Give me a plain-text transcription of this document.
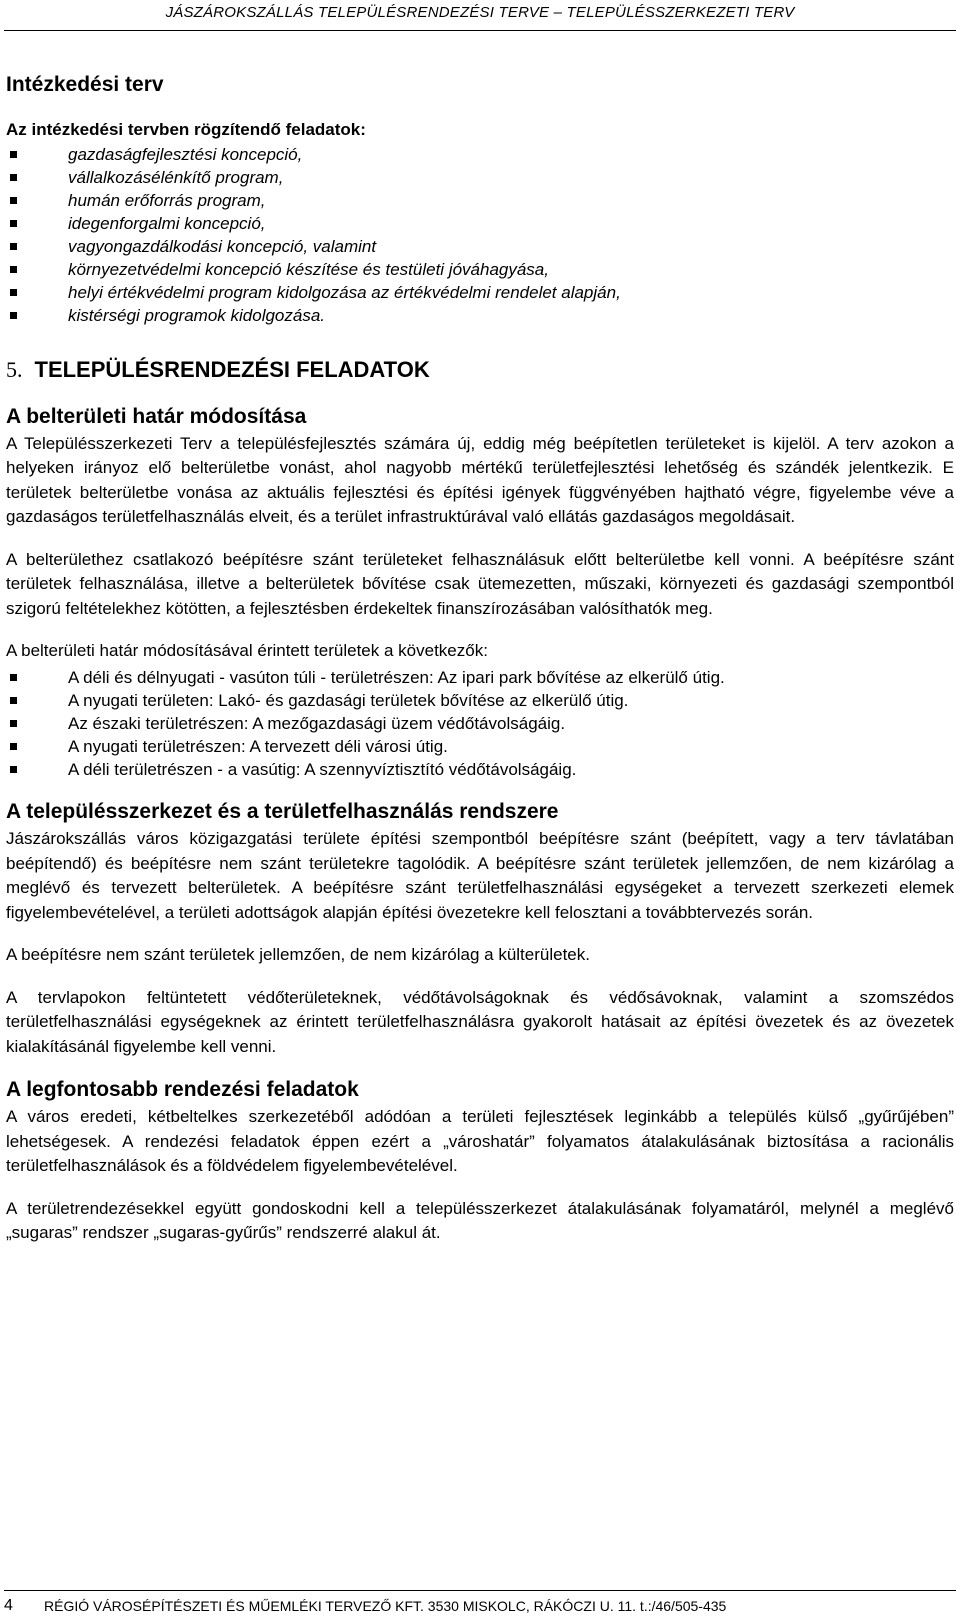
JÁSZÁROKSZÁLLÁS TELEPÜLÉSRENDEZÉSI TERVE – TELEPÜLÉSSZERKEZETI TERV
Intézkedési terv
Az intézkedési tervben rögzítendő feladatok:
gazdaságfejlesztési koncepció,
vállalkozásélénkítő program,
humán erőforrás program,
idegenforgalmi koncepció,
vagyongazdálkodási koncepció, valamint
környezetvédelmi koncepció készítése és testületi jóváhagyása,
helyi értékvédelmi program kidolgozása az értékvédelmi rendelet alapján,
kistérségi programok kidolgozása.
5. TELEPÜLÉSRENDEZÉSI FELADATOK
A belterületi határ módosítása

A Településszerkezeti Terv a településfejlesztés számára új, eddig még beépítetlen területeket is kijelöl. A terv azokon a helyeken irányoz elő belterületbe vonást, ahol nagyobb mértékű területfejlesztési lehetőség és szándék jelentkezik. E területek belterületbe vonása az aktuális fejlesztési és építési igények függvényében hajtható végre, figyelembe véve a gazdaságos területfelhasználás elveit, és a terület infrastruktúrával való ellátás gazdaságos megoldásait.

A belterülethez csatlakozó beépítésre szánt területeket felhasználásuk előtt belterületbe kell vonni. A beépítésre szánt területek felhasználása, illetve a belterületek bővítése csak ütemezetten, műszaki, környezeti és gazdasági szempontból szigorú feltételekhez kötötten, a fejlesztésben érdekeltek finanszírozásában valósíthatók meg.

A belterületi határ módosításával érintett területek a következők:

A déli és délnyugati - vasúton túli - területrészen: Az ipari park bővítése az elkerülő útig.
A nyugati területen: Lakó- és gazdasági területek bővítése az elkerülő útig.
Az északi területrészen: A mezőgazdasági üzem védőtávolságáig.
A nyugati területrészen: A tervezett déli városi útig.
A déli területrészen - a vasútig: A szennyvíztisztító védőtávolságáig.
A településszerkezet és a területfelhasználás rendszere

Jászárokszállás város közigazgatási területe építési szempontból beépítésre szánt (beépített, vagy a terv távlatában beépítendő) és beépítésre nem szánt területekre tagolódik. A beépítésre szánt területek jellemzően, de nem kizárólag a meglévő és tervezett belterületek. A beépítésre szánt területfelhasználási egységeket a tervezett szerkezeti elemek figyelembevételével, a területi adottságok alapján építési övezetekre kell felosztani a továbbtervezés során.

A beépítésre nem szánt területek jellemzően, de nem kizárólag a külterületek.

A tervlapokon feltüntetett védőterületeknek, védőtávolságoknak és védősávoknak, valamint a szomszédos területfelhasználási egységeknek az érintett területfelhasználásra gyakorolt hatásait az építési övezetek és az övezetek kialakításánál figyelembe kell venni.

A legfontosabb rendezési feladatok

A város eredeti, kétbeltelkes szerkezetéből adódóan a területi fejlesztések leginkább a település külső „gyűrűjében” lehetségesek. A rendezési feladatok éppen ezért a „városhatár” folyamatos átalakulásának biztosítása a racionális területfelhasználások és a földvédelem figyelembevételével.

A területrendezésekkel együtt gondoskodni kell a településszerkezet átalakulásának folyamatáról, melynél a meglévő „sugaras” rendszer „sugaras-gyűrűs” rendszerré alakul át.

4 RÉGIÓ VÁROSÉPÍTÉSZETI ÉS MŰEMLÉKI TERVEZŐ KFT. 3530 MISKOLC, RÁKÓCZI U. 11. t.:/46/505-435
